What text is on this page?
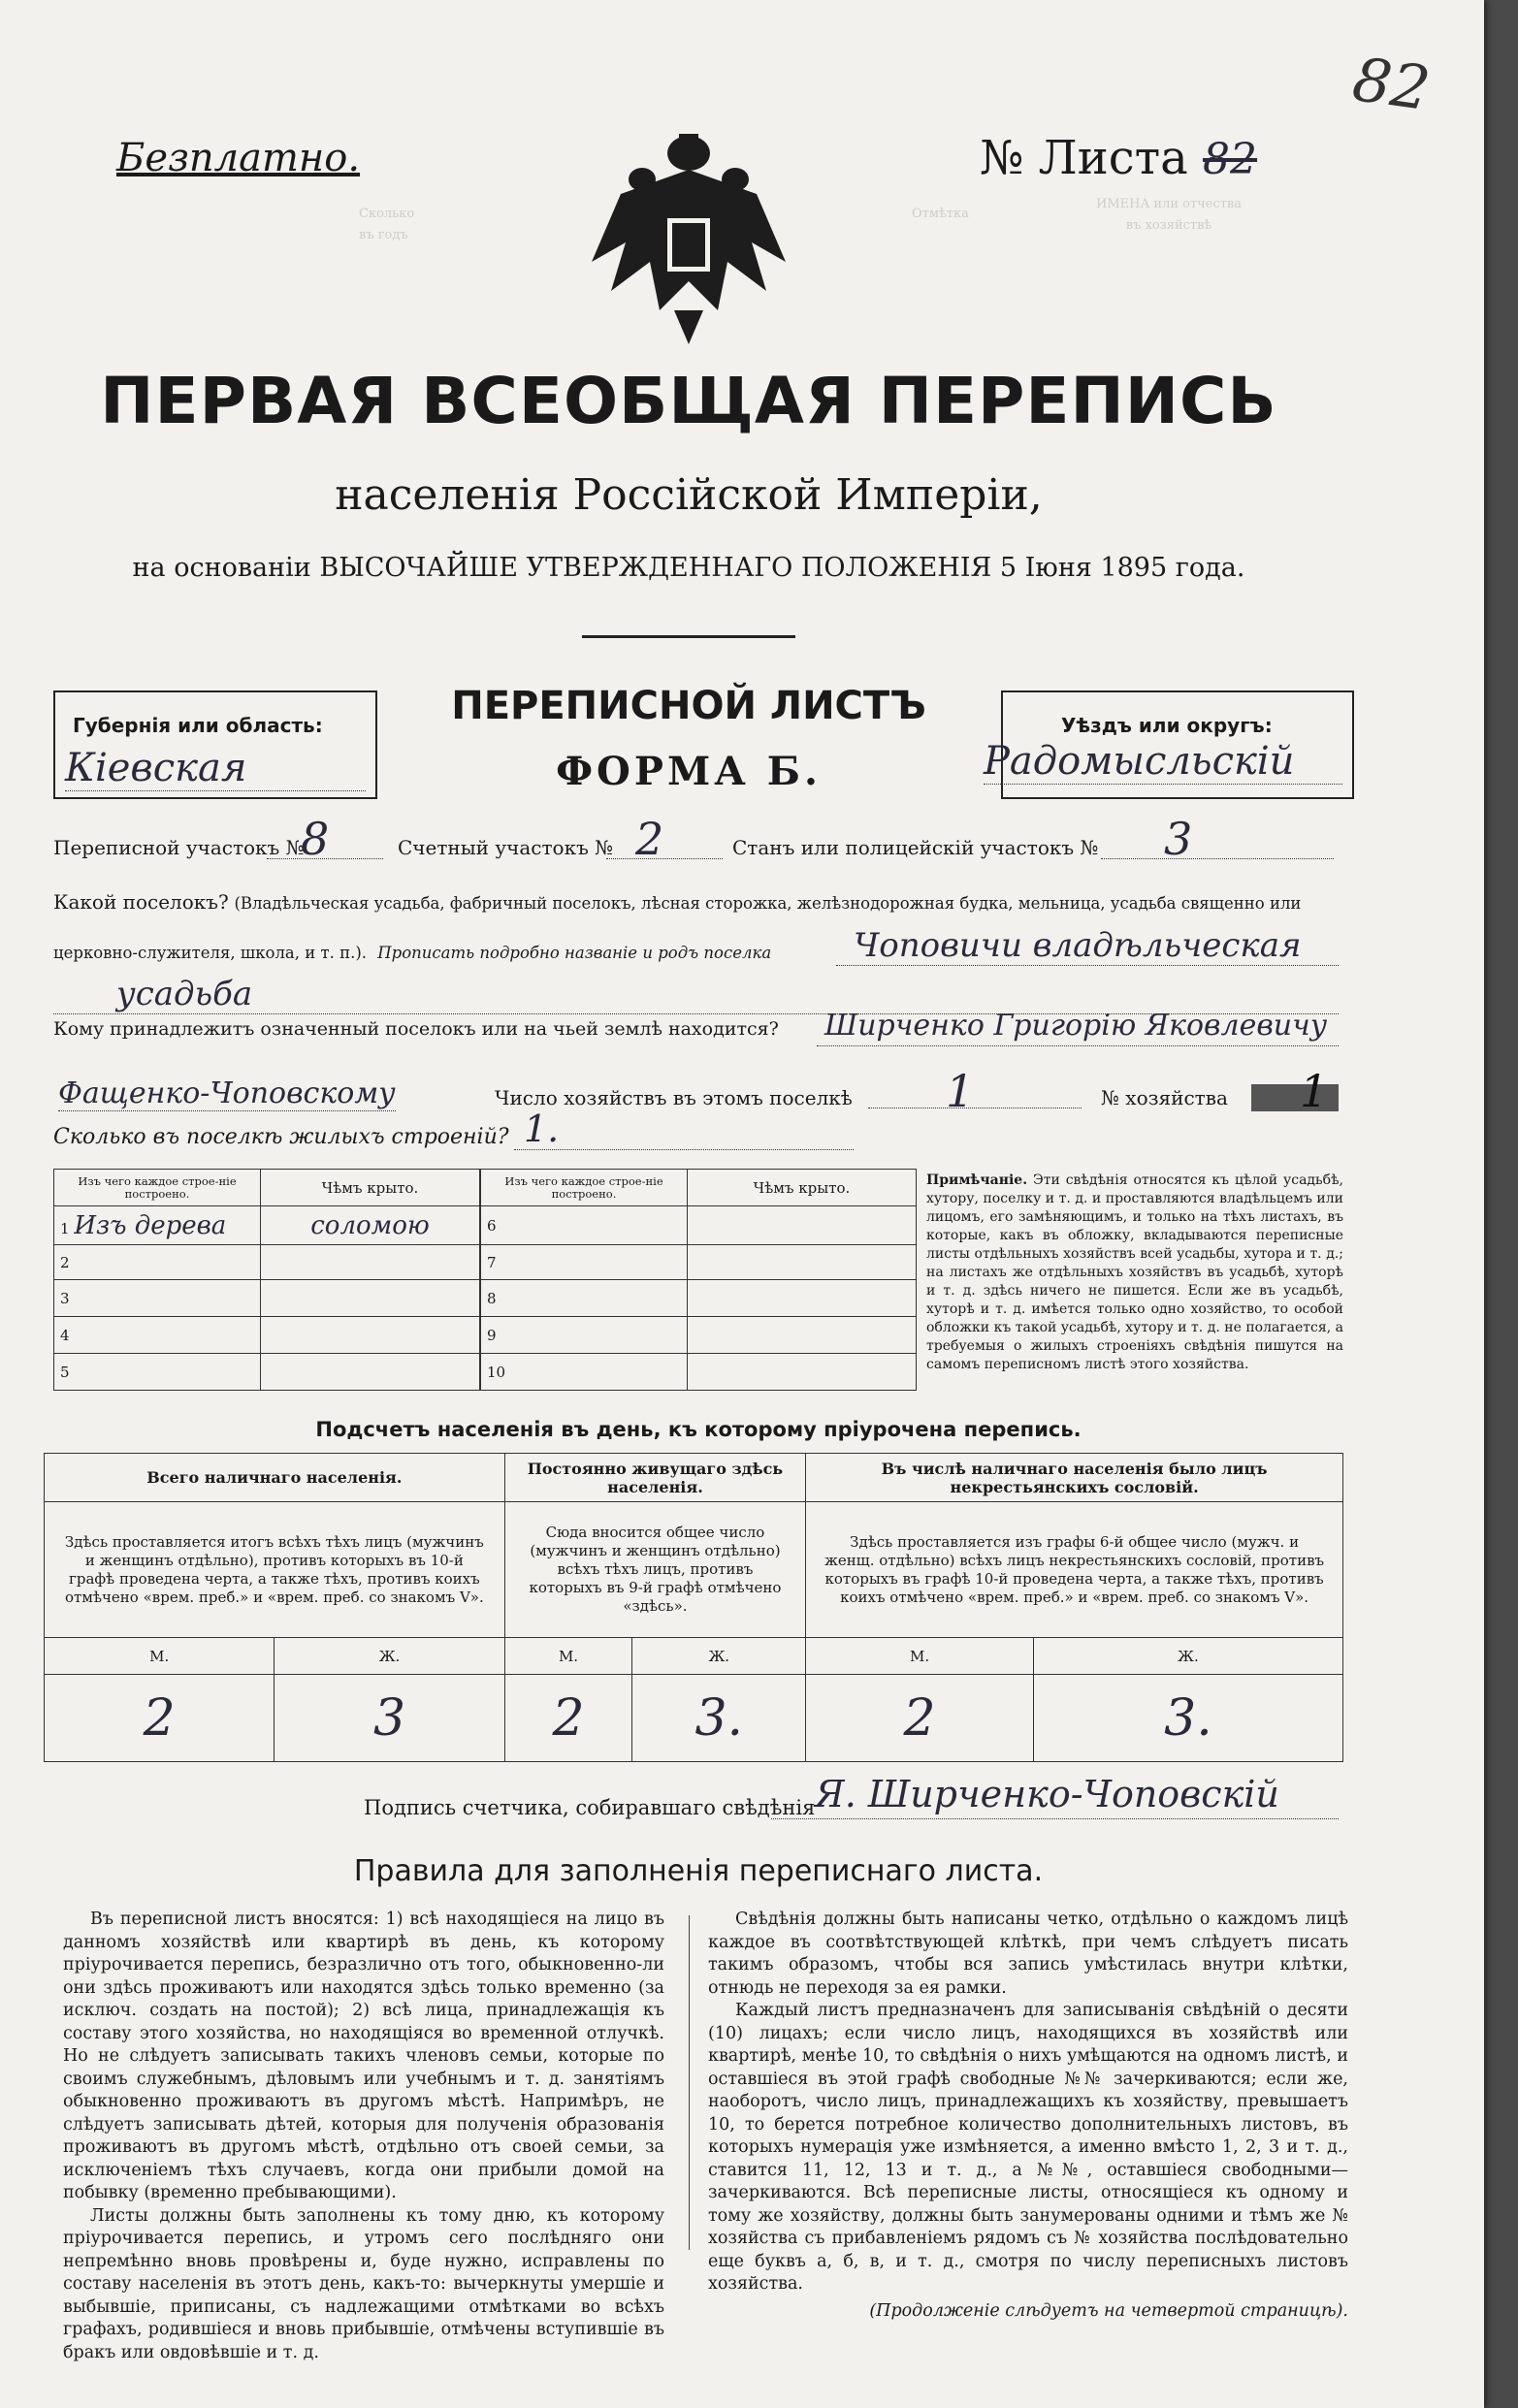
82
Сколько
въ годъ
Отмѣтка
ИМЕНА или отчества
въ хозяйствѣ
Безплатно.	№ Листа 82
ПЕРВАЯ ВСЕОБЩАЯ ПЕРЕПИСЬ
населенія Россійской Имперіи,
на основаніи ВЫСОЧАЙШЕ УТВЕРЖДЕННАГО ПОЛОЖЕНІЯ 5 Іюня 1895 года.
Губернія или область:
Кіевская
ПЕРЕПИСНОЙ ЛИСТЪ
ФОРМА Б.
Уѣздъ или округъ:
Радомысльскій
Переписной участокъ №
8	Счетный участокъ № 2	Станъ или полицейскій участокъ № 3
Какой поселокъ? (Владѣльческая усадьба, фабричный поселокъ, лѣсная сторожка, желѣзнодорожная будка, мельница, усадьба священно или
церковно-служителя, школа, и т. п.). Прописать подробно названіе и родъ поселка Чоповичи владѣльческая
усадьба
Кому принадлежитъ означенный поселокъ или на чьей землѣ находится? Ширченко Григорію Яковлевичу
Фащенко-Чоповскому	Число хозяйствъ въ этомъ поселкѣ 1	№ хозяйства 1
Сколько въ поселкѣ жилыхъ строеній? 1.
Изъ чего каждое строе-ніе построено.	Чѣмъ крыто.
1 Изъ дерева	соломою
2	
3	
4	
5	
Изъ чего каждое строе-ніе построено.	Чѣмъ крыто.
6	
7	
8	
9	
10	
Примѣчаніе. Эти свѣдѣнія относятся къ цѣлой усадьбѣ, хутору, поселку и т. д. и проставляются владѣльцемъ или лицомъ, его замѣняющимъ, и только на тѣхъ листахъ, въ которые, какъ въ обложку, вкладываются переписные листы отдѣльныхъ хозяйствъ всей усадьбы, хутора и т. д.; на листахъ же отдѣльныхъ хозяйствъ въ усадьбѣ, хуторѣ и т. д. здѣсь ничего не пишется. Если же въ усадьбѣ, хуторѣ и т. д. имѣется только одно хозяйство, то особой обложки къ такой усадьбѣ, хутору и т. д. не полагается, а требуемыя о жилыхъ строеніяхъ свѣдѣнія пишутся на самомъ переписномъ листѣ этого хозяйства.
Подсчетъ населенія въ день, къ которому пріурочена перепись.
Всего наличнаго населенія.		Постоянно живущаго здѣсь населенія.		Въ числѣ наличнаго населенія было лицъ некрестьянскихъ сословій.	
Здѣсь проставляется итогъ всѣхъ тѣхъ лицъ (мужчинъ и женщинъ отдѣльно), противъ которыхъ въ 10-й графѣ проведена черта, а также тѣхъ, противъ коихъ отмѣчено «врем. преб.» и «врем. преб. со знакомъ V».		Сюда вносится общее число (мужчинъ и женщинъ отдѣльно) всѣхъ тѣхъ лицъ, противъ которыхъ въ 9-й графѣ отмѣчено «здѣсь».		Здѣсь проставляется изъ графы 6-й общее число (мужч. и женщ. отдѣльно) всѣхъ лицъ некрестьянскихъ сословій, противъ которыхъ въ графѣ 10-й проведена черта, а также тѣхъ, противъ коихъ отмѣчено «врем. преб.» и «врем. преб. со знакомъ V».	
М.	Ж.	М.	Ж.	М.	Ж.
2	3	2	3.	2	3.
Подпись счетчика, собиравшаго свѣдѣнія Я. Ширченко-Чоповскій
Правила для заполненія переписнаго листа.
Въ переписной листъ вносятся: 1) всѣ находящіеся на лицо въ данномъ хозяйствѣ или квартирѣ въ день, къ которому пріурочивается перепись, безразлично отъ того, обыкновенно-ли они здѣсь проживаютъ или находятся здѣсь только временно (за исключ. создать на постой); 2) всѣ лица, принадлежащія къ составу этого хозяйства, но находящіяся во временной отлучкѣ. Но не слѣдуетъ записывать такихъ членовъ семьи, которые по своимъ служебнымъ, дѣловымъ или учебнымъ и т. д. занятіямъ обыкновенно проживаютъ въ другомъ мѣстѣ. Напримѣръ, не слѣдуетъ записывать дѣтей, которыя для полученія образованія проживаютъ въ другомъ мѣстѣ, отдѣльно отъ своей семьи, за исключеніемъ тѣхъ случаевъ, когда они прибыли домой на побывку (временно пребывающими).
Листы должны быть заполнены къ тому дню, къ которому пріурочивается перепись, и утромъ сего послѣдняго они непремѣнно вновь провѣрены и, буде нужно, исправлены по составу населенія въ этотъ день, какъ-то: вычеркнуты умершіе и выбывшіе, приписаны, съ надлежащими отмѣтками во всѣхъ графахъ, родившіеся и вновь прибывшіе, отмѣчены вступившіе въ бракъ или овдовѣвшіе и т. д.
Свѣдѣнія должны быть написаны четко, отдѣльно о каждомъ лицѣ каждое въ соотвѣтствующей клѣткѣ, при чемъ слѣдуетъ писать такимъ образомъ, чтобы вся запись умѣстилась внутри клѣтки, отнюдь не переходя за ея рамки.
Каждый листъ предназначенъ для записыванія свѣдѣній о десяти (10) лицахъ; если число лицъ, находящихся въ хозяйствѣ или квартирѣ, менѣе 10, то свѣдѣнія о нихъ умѣщаются на одномъ листѣ, и оставшіеся въ этой графѣ свободные №№ зачеркиваются; если же, наоборотъ, число лицъ, принадлежащихъ къ хозяйству, превышаетъ 10, то берется потребное количество дополнительныхъ листовъ, въ которыхъ нумерація уже измѣняется, а именно вмѣсто 1, 2, 3 и т. д., ставится 11, 12, 13 и т. д., а №№, оставшіеся свободными—зачеркиваются. Всѣ переписные листы, относящіеся къ одному и тому же хозяйству, должны быть занумерованы одними и тѣмъ же № хозяйства съ прибавленіемъ рядомъ съ № хозяйства послѣдовательно еще буквъ а, б, в, и т. д., смотря по числу переписныхъ листовъ хозяйства.
(Продолженіе слѣдуетъ на четвертой страницѣ).
